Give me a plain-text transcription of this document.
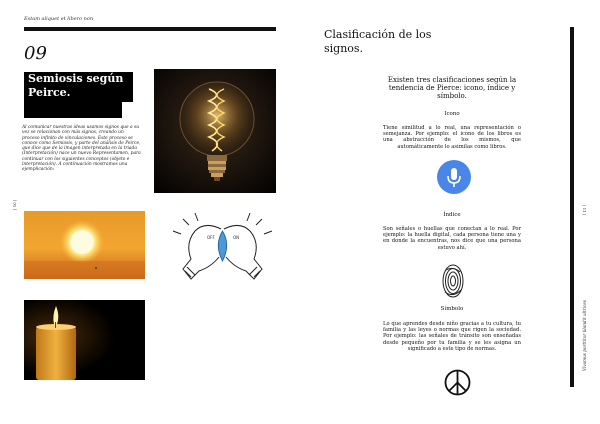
Estam aliquet et libero non
09
Semiosis según
Peirce.
Al comunicar nuestras ideas usamos signos que a su vez se relacionan con más signos, creando un proceso infinito de vinculaciones. Este proceso se conoce como Semiosis, y parte del análisis de Peirce, que dice que de la imagen interpretada en la triada (Interpretación) nace un nuevo Representamen, para continuar con los siguientes conceptos (objeto e interpretación). A continuación mostramos una ejemplicación:
| 10 |
OFF	ON
Clasificación de los
signos.
Existen tres clasificaciones según la tendencia de Pierce: icono, índice y símbolo.
Icono
Tiene similitud a lo real, una representación o semejanza. Por ejemplo: el icono de los libros es una abstracción de los mismos, que automáticamente lo asimilas como libros.
Índice
Son señales o huellas que conectan a lo real. Por ejemplo: la huella digital, cada persona tiene una y en donde la encuentras, nos dice que una persona estuvo ahí.
Símbolo
Lo que aprendes desde niño gracias a tu cultura, tu familia y las leyes o normas que rigen la sociedad. Por ejemplo: las señales de tránsito son enseñadas desde pequeño por tu familia y se les asigna un significado a este tipo de normas.
| 11 |
Vivamus porttitor blandit ultrices
